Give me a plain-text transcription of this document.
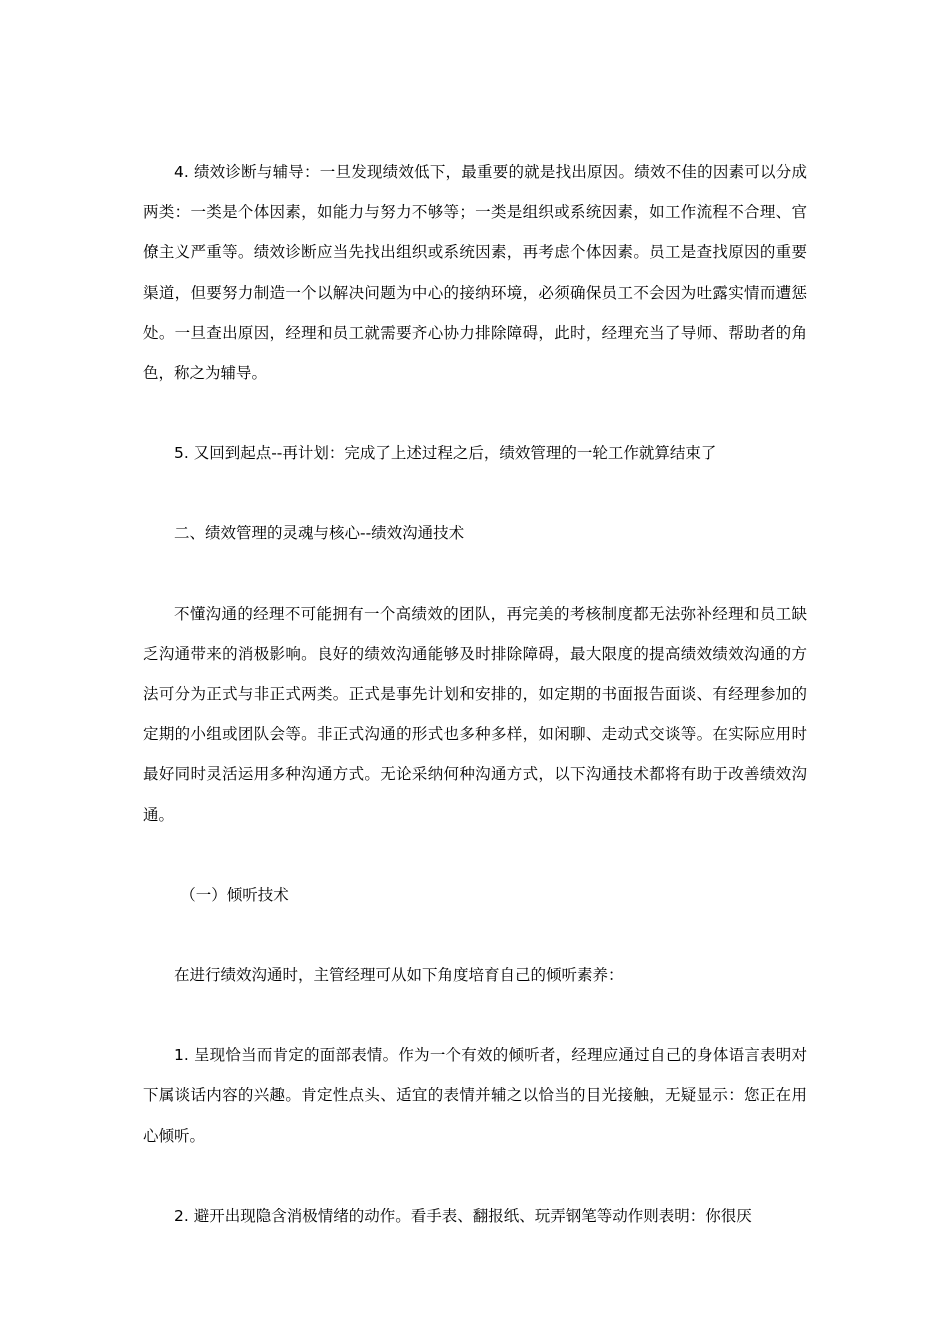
4. 绩效诊断与辅导：一旦发现绩效低下，最重要的就是找出原因。绩效不佳的因素可以分成两类：一类是个体因素，如能力与努力不够等；一类是组织或系统因素，如工作流程不合理、官僚主义严重等。绩效诊断应当先找出组织或系统因素，再考虑个体因素。员工是查找原因的重要渠道，但要努力制造一个以解决问题为中心的接纳环境，必须确保员工不会因为吐露实情而遭惩处。一旦查出原因，经理和员工就需要齐心协力排除障碍，此时，经理充当了导师、帮助者的角色，称之为辅导。

5. 又回到起点--再计划：完成了上述过程之后，绩效管理的一轮工作就算结束了

二、绩效管理的灵魂与核心--绩效沟通技术

不懂沟通的经理不可能拥有一个高绩效的团队，再完美的考核制度都无法弥补经理和员工缺乏沟通带来的消极影响。良好的绩效沟通能够及时排除障碍，最大限度的提高绩效绩效沟通的方法可分为正式与非正式两类。正式是事先计划和安排的，如定期的书面报告面谈、有经理参加的定期的小组或团队会等。非正式沟通的形式也多种多样，如闲聊、走动式交谈等。在实际应用时最好同时灵活运用多种沟通方式。无论采纳何种沟通方式，以下沟通技术都将有助于改善绩效沟通。

（一）倾听技术

在进行绩效沟通时，主管经理可从如下角度培育自己的倾听素养：

1. 呈现恰当而肯定的面部表情。作为一个有效的倾听者，经理应通过自己的身体语言表明对下属谈话内容的兴趣。肯定性点头、适宜的表情并辅之以恰当的目光接触，无疑显示：您正在用心倾听。

2. 避开出现隐含消极情绪的动作。看手表、翻报纸、玩弄钢笔等动作则表明：你很厌
